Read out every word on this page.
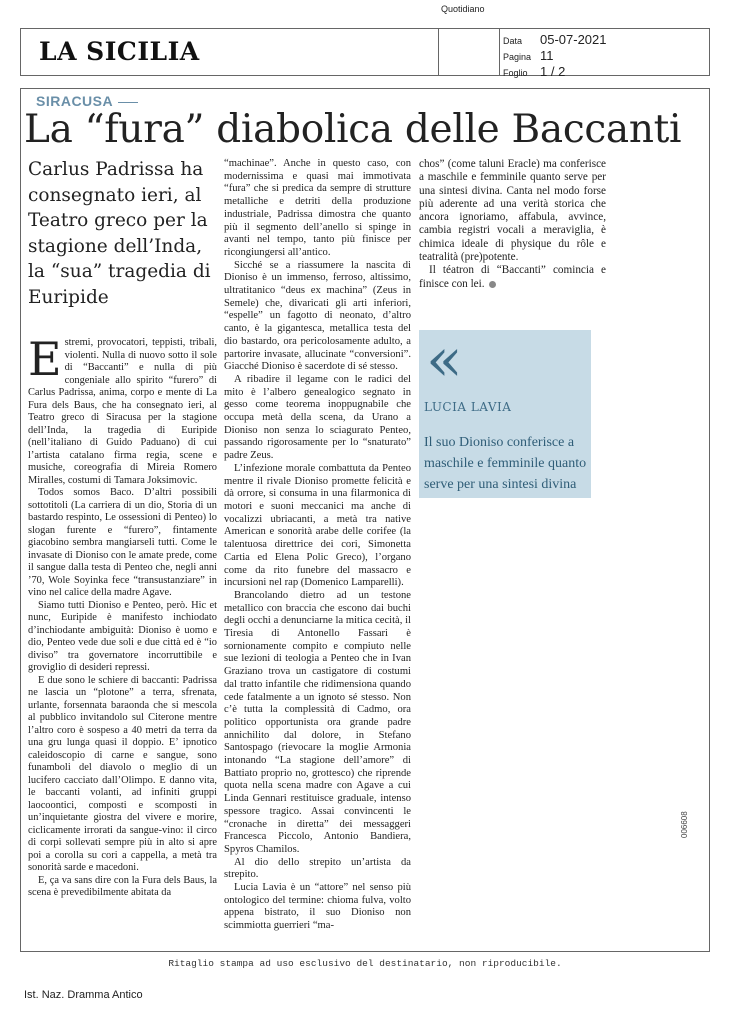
LA SICILIA
Quotidiano
Data 05-07-2021
Pagina 11
Foglio 1 / 2
SIRACUSA
La “fura” diabolica delle Baccanti
Carlus Padrissa ha consegnato ieri, al Teatro greco per la stagione dell’Inda, la “sua” tragedia di Euripide

Estremi, provocatori, teppisti, tribali, violenti. Nulla di nuovo sotto il sole di “Baccanti” e nulla di più congeniale allo spirito “furero” di Carlus Padrissa, anima, corpo e mente di La Fura dels Baus, che ha consegnato ieri, al Teatro greco di Siracusa per la stagione dell’Inda, la tragedia di Euripide (nell’italiano di Guido Paduano) di cui l’artista catalano firma regia, scene e musiche, coreografia di Mireia Romero Miralles, costumi di Tamara Joksimovic.

Todos somos Baco. D’altri possibili sottotitoli (La carriera di un dio, Storia di un bastardo respinto, Le ossessioni di Penteo) lo slogan furente e “furero”, fintamente giacobino sembra mangiarseli tutti. Come le invasate di Dioniso con le amate prede, come il sangue dalla testa di Penteo che, negli anni ’70, Wole Soyinka fece “transustanziare” in vino nel calice della madre Agave.

Siamo tutti Dioniso e Penteo, però. Hic et nunc, Euripide è manifesto inchiodato d’inchiodante ambiguità: Dioniso è uomo e dio, Penteo vede due soli e due città ed è “io diviso” tra governatore incorruttibile e groviglio di desideri repressi.

E due sono le schiere di baccanti: Padrissa ne lascia un “plotone” a terra, sfrenata, urlante, forsennata baraonda che si mescola al pubblico invitandolo sul Citerone mentre l’altro coro è sospeso a 40 metri da terra da una gru lunga quasi il doppio. E’ ipnotico caleidoscopio di carne e sangue, sono funamboli del diavolo o meglio di un lucifero cacciato dall’Olimpo. E danno vita, le baccanti volanti, ad infiniti gruppi laocoontici, composti e scomposti in un’inquietante giostra del vivere e morire, ciclicamente irrorati da sangue-vino: il circo di corpi sollevati sempre più in alto si apre poi a corolla su cori a cappella, a metà tra sonorità sarde e macedoni.

E, ça va sans dire con la Fura dels Baus, la scena è prevedibilmente abitata da

“machinae”. Anche in questo caso, con modernissima e quasi mai immotivata “fura” che si predica da sempre di strutture metalliche e detriti della produzione industriale, Padrissa dimostra che quanto più il segmento dell’anello si spinge in avanti nel tempo, tanto più finisce per ricongiungersi all’antico.

Sicché se a riassumere la nascita di Dioniso è un immenso, ferroso, altissimo, ultratitanico “deus ex machina” (Zeus in Semele) che, divaricati gli arti inferiori, “espelle” un fagotto di neonato, d’altro canto, è la gigantesca, metallica testa del dio bastardo, ora pericolosamente adulto, a partorire invasate, allucinate “conversioni”. Giacché Dioniso è sacerdote di sé stesso.

A ribadire il legame con le radici del mito è l’albero genealogico segnato in gesso come teorema inoppugnabile che occupa metà della scena, da Urano a Dioniso non senza lo sciagurato Penteo, passando rigorosamente per lo “snaturato” padre Zeus.

L’infezione morale combattuta da Penteo mentre il rivale Dioniso promette felicità e dà orrore, si consuma in una filarmonica di motori e suoni meccanici ma anche di vocalizzi ubriacanti, a metà tra native American e sonorità arabe delle corifee (la talentuosa direttrice dei cori, Simonetta Cartia ed Elena Polic Greco), l’organo come da rito funebre del massacro e incursioni nel rap (Domenico Lamparelli).

Brancolando dietro ad un testone metallico con braccia che escono dai buchi degli occhi a denunciarne la mitica cecità, il Tiresia di Antonello Fassari è sornionamente compito e compiuto nelle sue lezioni di teologia a Penteo che in Ivan Graziano trova un castigatore di costumi dal tratto infantile che ridimensiona quando cede fatalmente a un ignoto sé stesso. Non c’è tutta la complessità di Cadmo, ora politico opportunista ora grande padre annichilito dal dolore, in Stefano Santospago (rievocare la moglie Armonia intonando “La stagione dell’amore” di Battiato proprio no, grottesco) che riprende quota nella scena madre con Agave a cui Linda Gennari restituisce graduale, intenso spessore tragico. Assai convincenti le “cronache in diretta” dei messaggeri Francesca Piccolo, Antonio Bandiera, Spyros Chamilos.

Al dio dello strepito un’artista da strepito.

Lucia Lavia è un “attore” nel senso più ontologico del termine: chioma fulva, volto appena bistrato, il suo Dioniso non scimmiotta guerrieri “ma-

chos” (come taluni Eracle) ma conferisce a maschile e femminile quanto serve per una sintesi divina. Canta nel modo forse più aderente ad una verità storica che ancora ignoriamo, affabula, avvince, cambia registri vocali a meraviglia, è chimica ideale di physique du rôle e teatralità (pre)potente.

Il téatron di “Baccanti” comincia e finisce con lei.

«
LUCIA LAVIA
Il suo Dioniso conferisce a maschile e femminile quanto serve per una sintesi divina
006608
Ritaglio stampa ad uso esclusivo del destinatario, non riproducibile.
Ist. Naz. Dramma Antico
